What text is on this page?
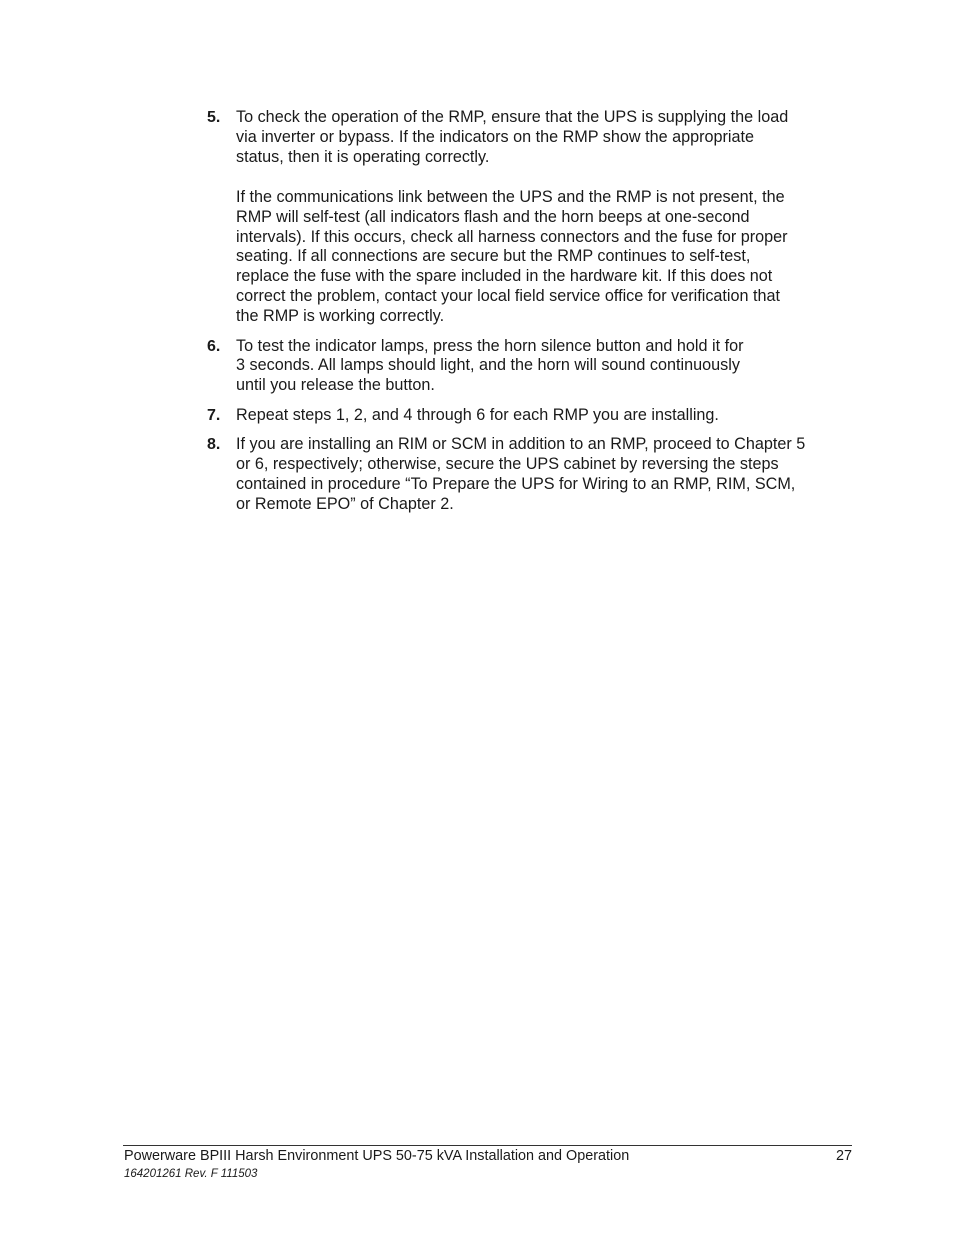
5. To check the operation of the RMP, ensure that the UPS is supplying the load
via inverter or bypass. If the indicators on the RMP show the appropriate
status, then it is operating correctly.
If the communications link between the UPS and the RMP is not present, the
RMP will self-test (all indicators flash and the horn beeps at one-second
intervals). If this occurs, check all harness connectors and the fuse for proper
seating. If all connections are secure but the RMP continues to self-test,
replace the fuse with the spare included in the hardware kit. If this does not
correct the problem, contact your local field service office for verification that
the RMP is working correctly.
6. To test the indicator lamps, press the horn silence button and hold it for
3 seconds. All lamps should light, and the horn will sound continuously
until you release the button.
7. Repeat steps 1, 2, and 4 through 6 for each RMP you are installing.
8. If you are installing an RIM or SCM in addition to an RMP, proceed to Chapter 5
or 6, respectively; otherwise, secure the UPS cabinet by reversing the steps
contained in procedure “To Prepare the UPS for Wiring to an RMP, RIM, SCM,
or Remote EPO” of Chapter 2.
Powerware BPIII Harsh Environment UPS 50-75 kVA Installation and Operation	27
164201261 Rev. F 111503
